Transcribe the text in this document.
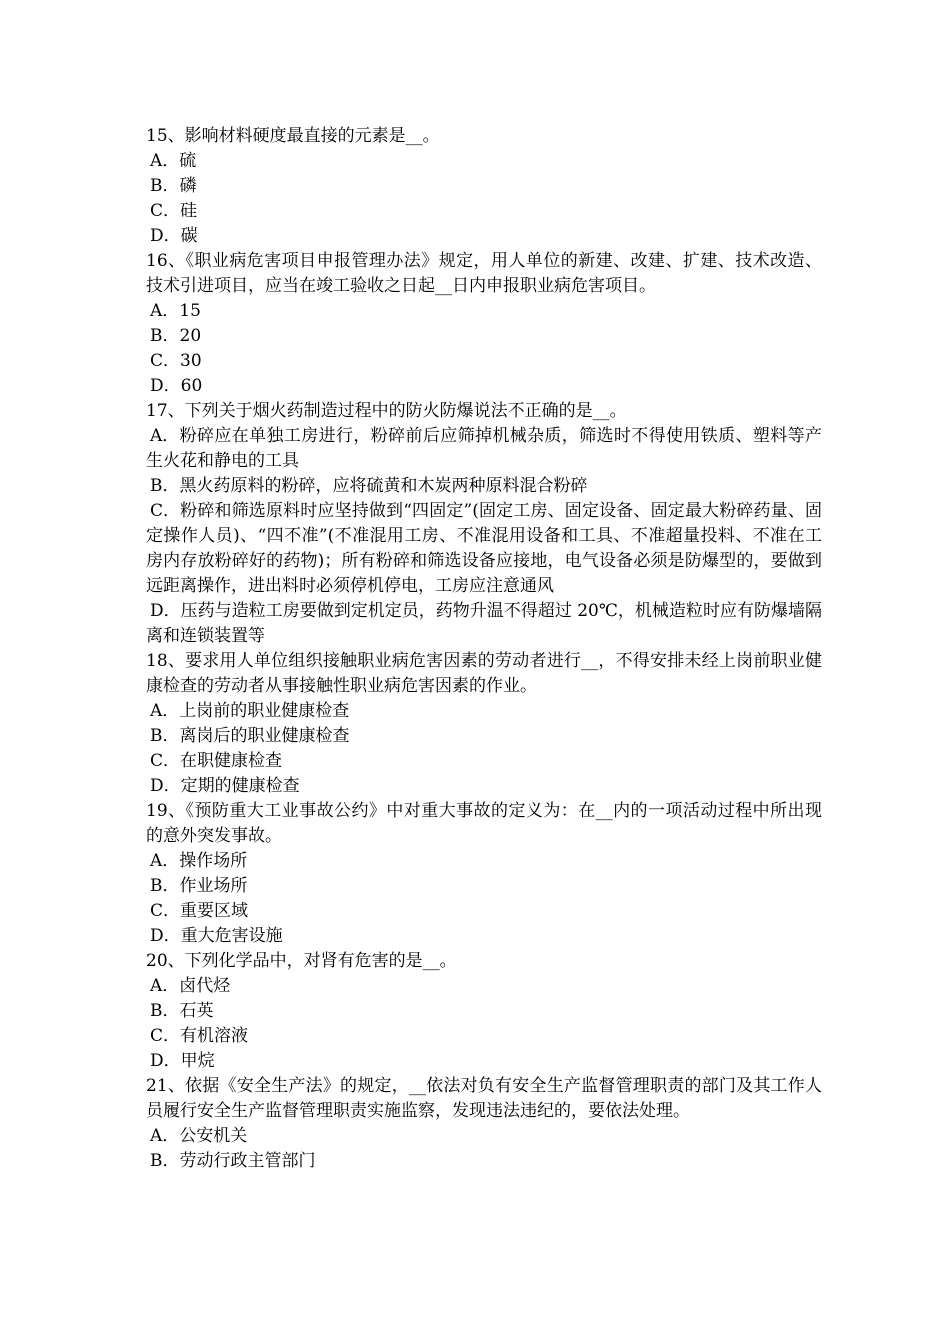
15、影响材料硬度最直接的元素是__。

A．硫

B．磷

C．硅

D．碳

16、《职业病危害项目申报管理办法》规定，用人单位的新建、改建、扩建、技术改造、技术引进项目，应当在竣工验收之日起__日内申报职业病危害项目。

A．15

B．20

C．30

D．60

17、下列关于烟火药制造过程中的防火防爆说法不正确的是__。

A．粉碎应在单独工房进行，粉碎前后应筛掉机械杂质，筛选时不得使用铁质、塑料等产生火花和静电的工具

B．黑火药原料的粉碎，应将硫黄和木炭两种原料混合粉碎

C．粉碎和筛选原料时应坚持做到“四固定”(固定工房、固定设备、固定最大粉碎药量、固定操作人员)、“四不准”(不准混用工房、不准混用设备和工具、不准超量投料、不准在工房内存放粉碎好的药物)；所有粉碎和筛选设备应接地，电气设备必须是防爆型的，要做到远距离操作，进出料时必须停机停电，工房应注意通风

D．压药与造粒工房要做到定机定员，药物升温不得超过 20℃，机械造粒时应有防爆墙隔离和连锁装置等

18、要求用人单位组织接触职业病危害因素的劳动者进行__，不得安排未经上岗前职业健康检查的劳动者从事接触性职业病危害因素的作业。

A．上岗前的职业健康检查

B．离岗后的职业健康检查

C．在职健康检查

D．定期的健康检查

19、《预防重大工业事故公约》中对重大事故的定义为：在__内的一项活动过程中所出现的意外突发事故。

A．操作场所

B．作业场所

C．重要区域

D．重大危害设施

20、下列化学品中，对肾有危害的是__。

A．卤代烃

B．石英

C．有机溶液

D．甲烷

21、依据《安全生产法》的规定，__依法对负有安全生产监督管理职责的部门及其工作人员履行安全生产监督管理职责实施监察，发现违法违纪的，要依法处理。

A．公安机关

B．劳动行政主管部门
